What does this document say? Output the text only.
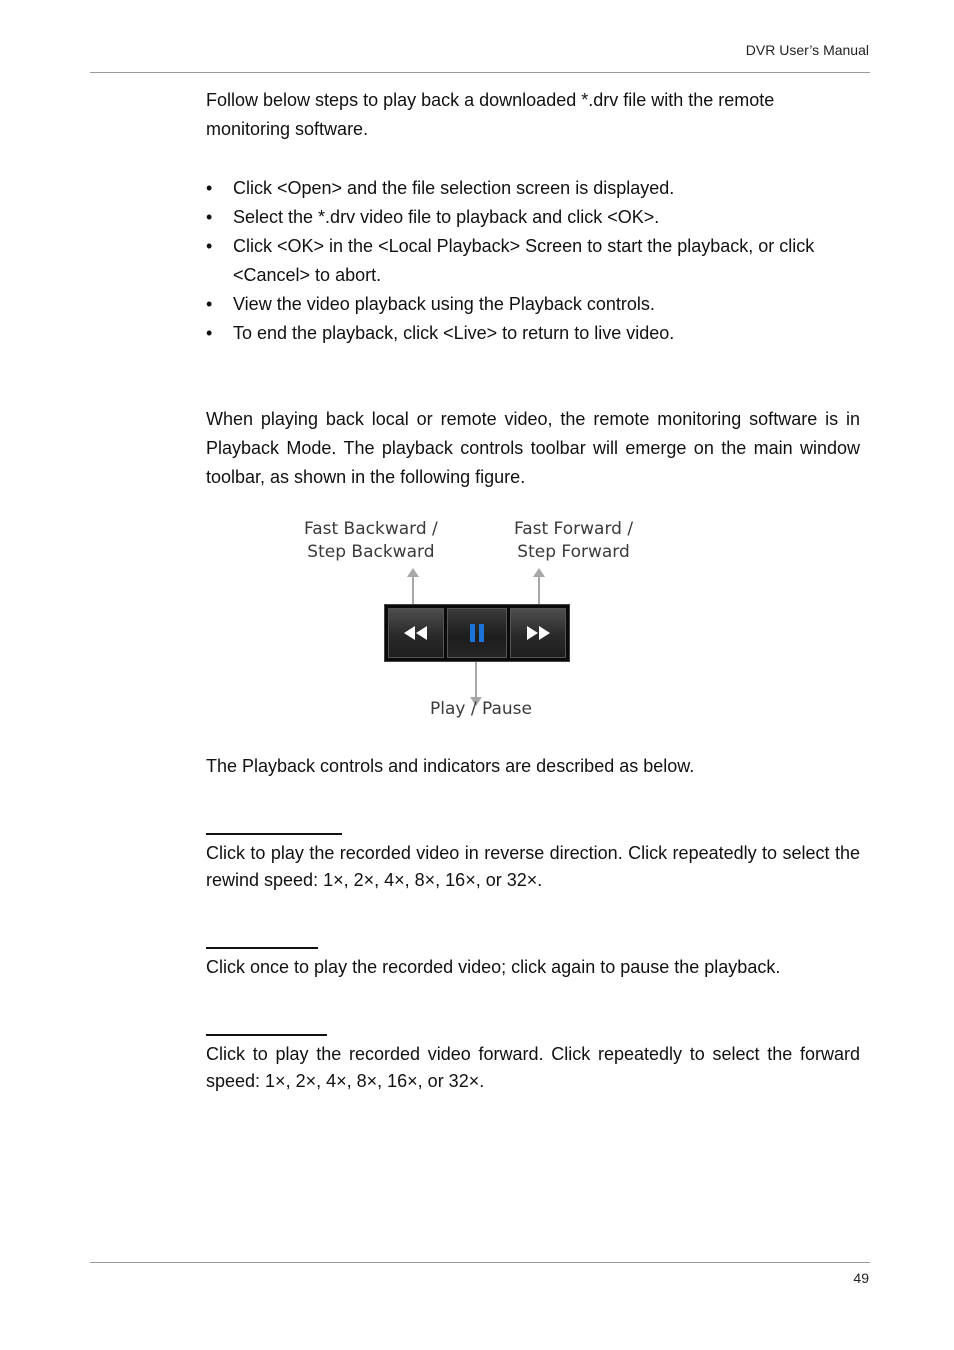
DVR User’s Manual

Follow below steps to play back a downloaded *.drv file with the remote monitoring software.

• Click <Open> and the file selection screen is displayed.
• Select the *.drv video file to playback and click <OK>.
• Click <OK> in the <Local Playback> Screen to start the playback, or click <Cancel> to abort.
• View the video playback using the Playback controls.
• To end the playback, click <Live> to return to live video.

When playing back local or remote video, the remote monitoring software is in Playback Mode. The playback controls toolbar will emerge on the main window toolbar, as shown in the following figure.

Fast Backward /
Step Backward
Fast Forward /
Step Forward
Play / Pause

The Playback controls and indicators are described as below.

Click to play the recorded video in reverse direction. Click repeatedly to select the rewind speed: 1×, 2×, 4×, 8×, 16×, or 32×.

Click once to play the recorded video; click again to pause the playback.

Click to play the recorded video forward. Click repeatedly to select the forward speed: 1×, 2×, 4×, 8×, 16×, or 32×.

49
